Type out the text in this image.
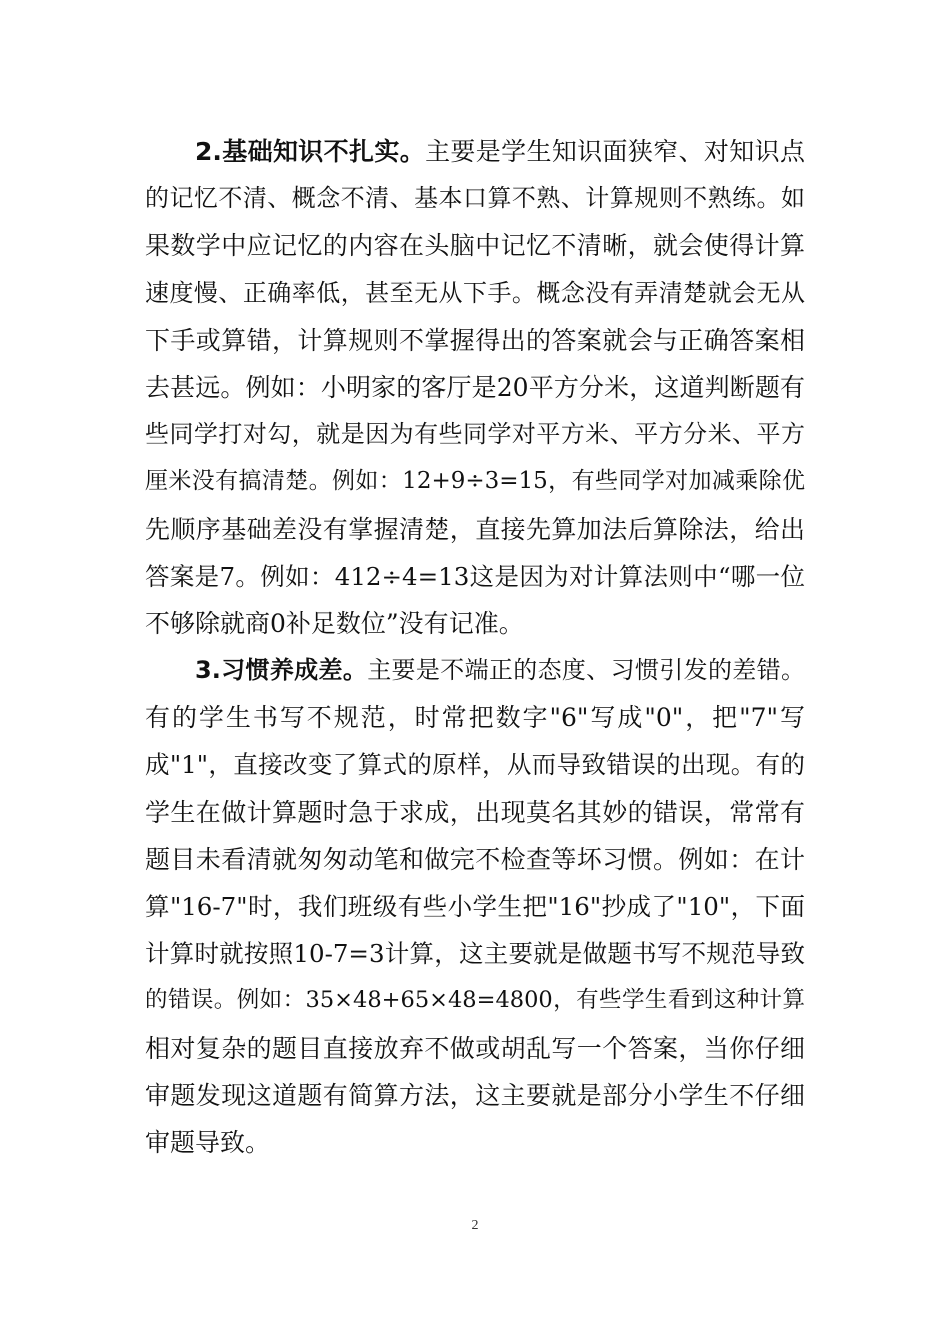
2.基础知识不扎实。主要是学生知识面狭窄、对知识点
的记忆不清、概念不清、基本口算不熟、计算规则不熟练。如
果数学中应记忆的内容在头脑中记忆不清晰，就会使得计算
速度慢、正确率低，甚至无从下手。概念没有弄清楚就会无从
下手或算错，计算规则不掌握得出的答案就会与正确答案相
去甚远。例如：小明家的客厅是20平方分米，这道判断题有
些同学打对勾，就是因为有些同学对平方米、平方分米、平方
厘米没有搞清楚。例如：12+9÷3=15，有些同学对加减乘除优
先顺序基础差没有掌握清楚，直接先算加法后算除法，给出
答案是7。例如：412÷4=13这是因为对计算法则中“哪一位
不够除就商0补足数位”没有记准。
3.习惯养成差。主要是不端正的态度、习惯引发的差错。
有的学生书写不规范，时常把数字"6"写成"0"，把"7"写
成"1"，直接改变了算式的原样，从而导致错误的出现。有的
学生在做计算题时急于求成，出现莫名其妙的错误，常常有
题目未看清就匆匆动笔和做完不检查等坏习惯。例如：在计
算"16-7"时，我们班级有些小学生把"16"抄成了"10"，下面
计算时就按照10-7=3计算，这主要就是做题书写不规范导致
的错误。例如：35×48+65×48=4800，有些学生看到这种计算
相对复杂的题目直接放弃不做或胡乱写一个答案，当你仔细
审题发现这道题有简算方法，这主要就是部分小学生不仔细
审题导致。
2
